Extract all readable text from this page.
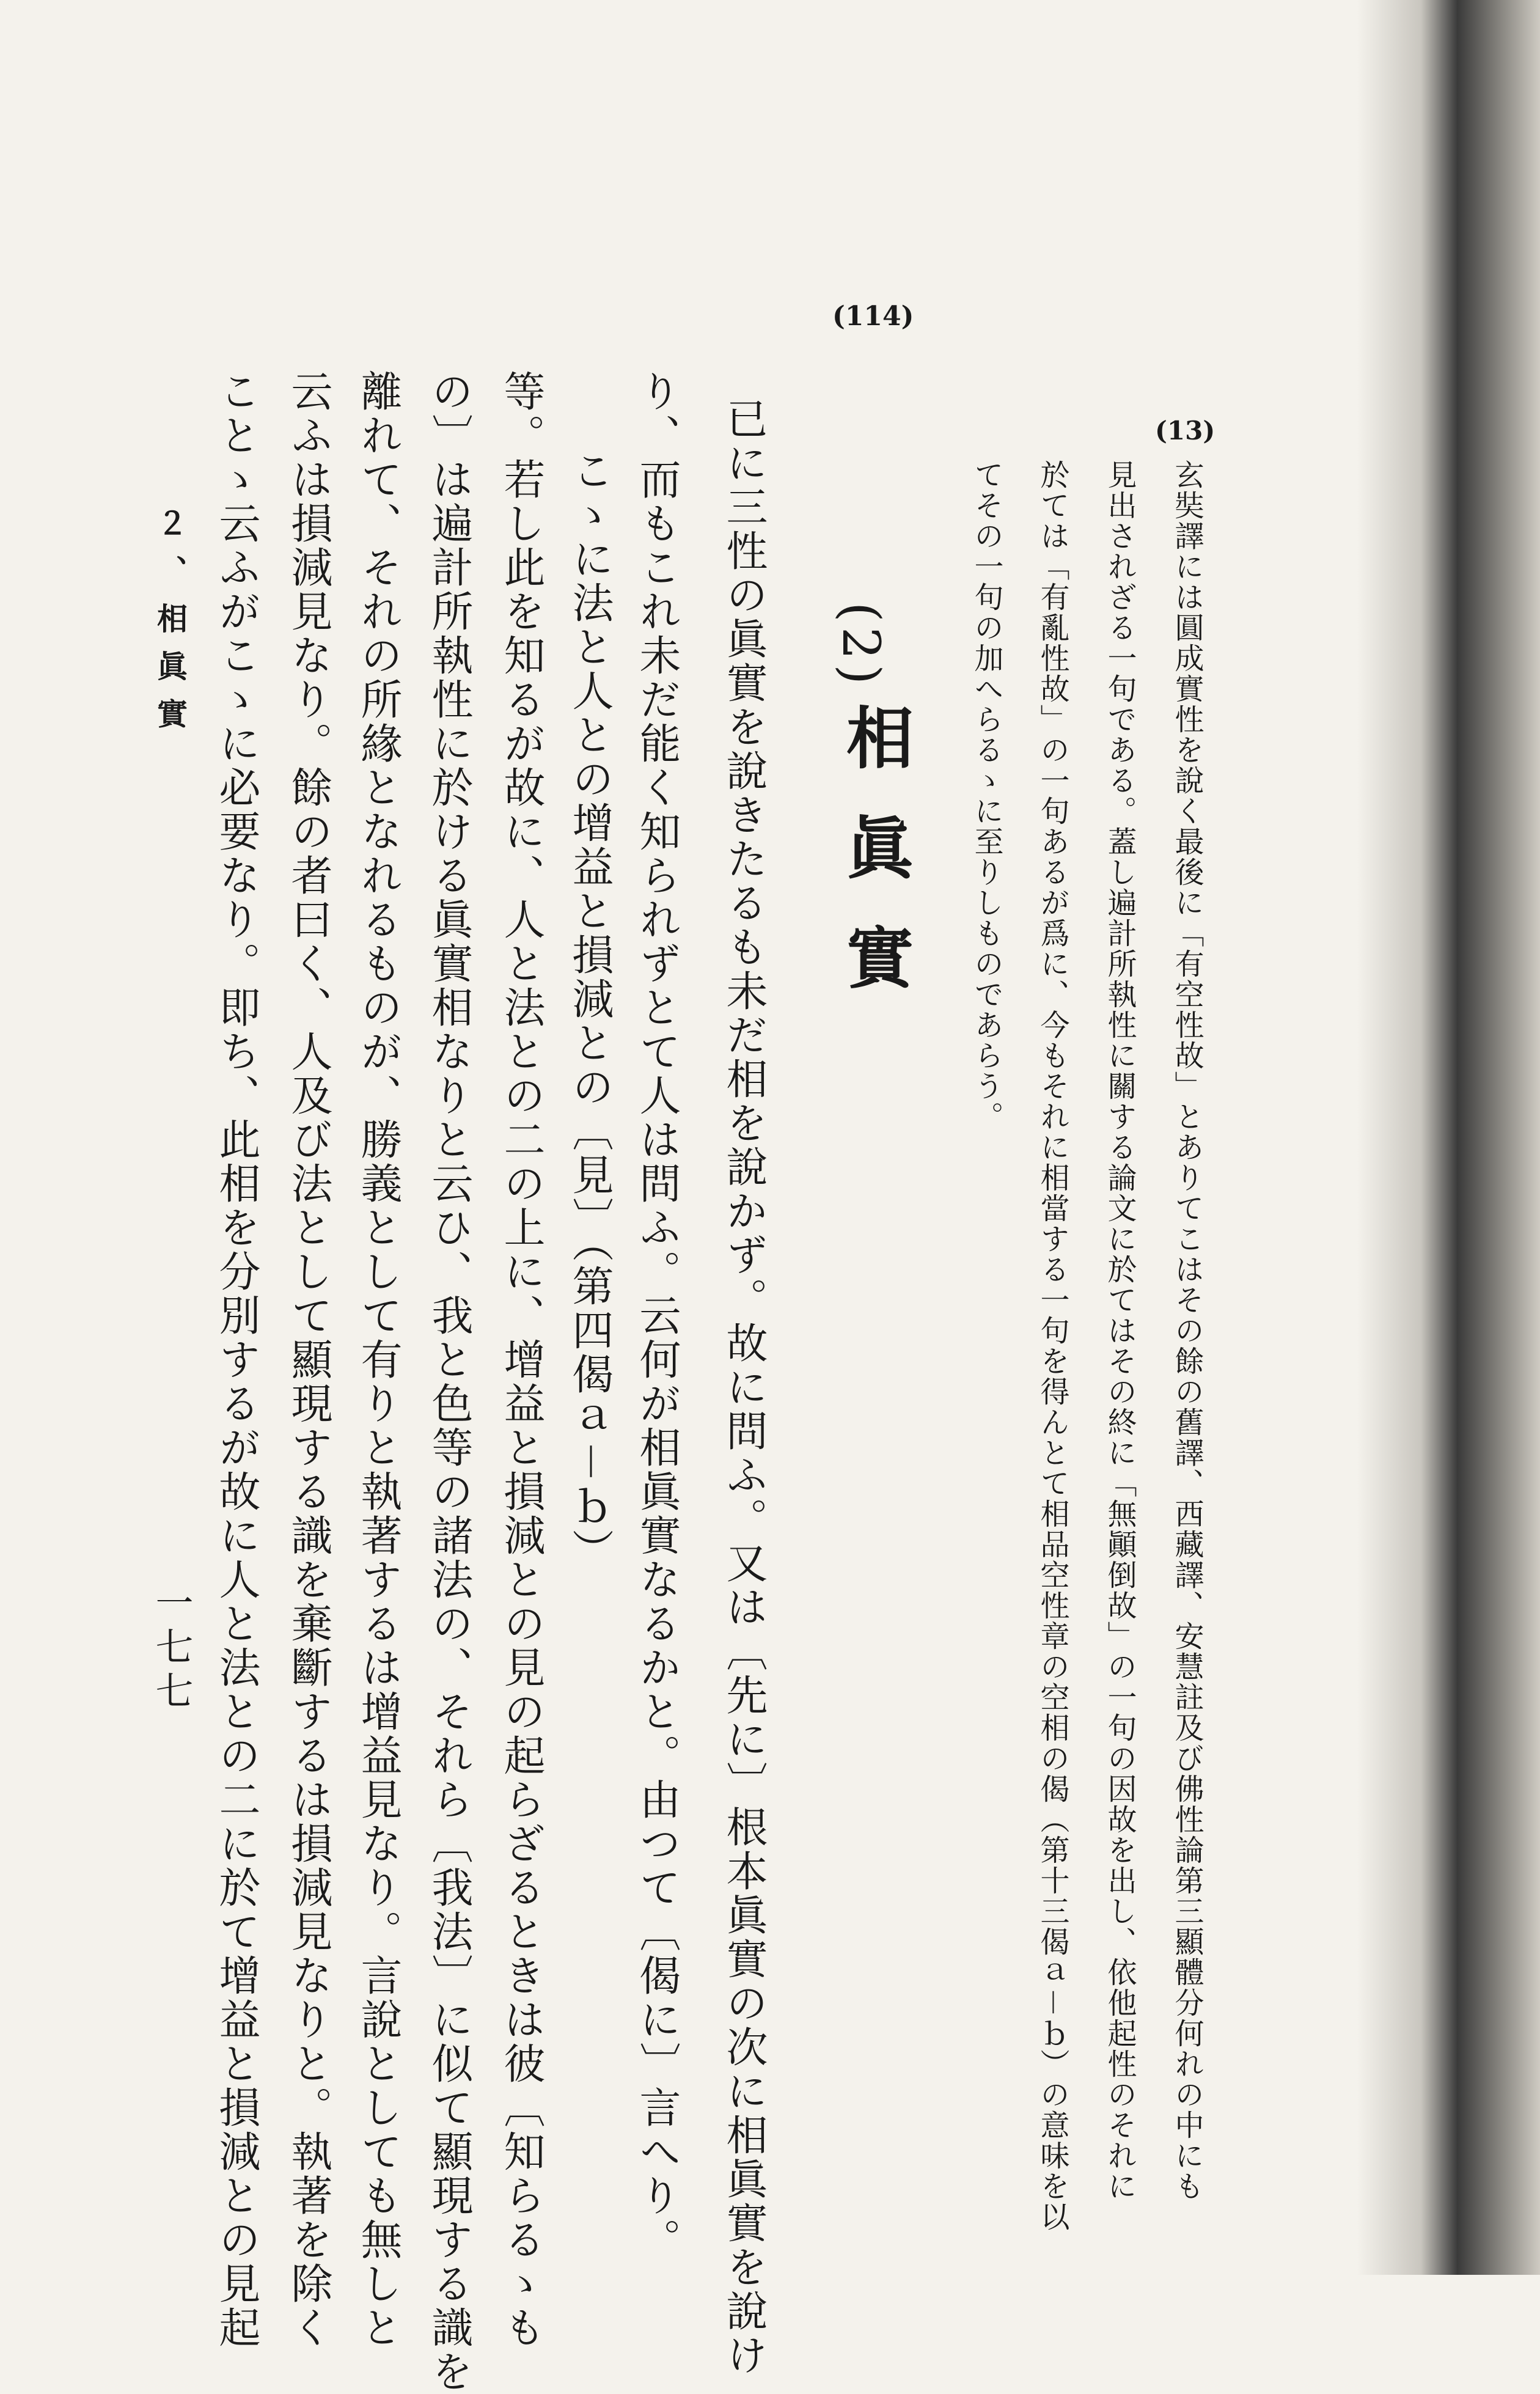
(114)
(13)
玄奘譯には圓成實性を說く最後に「有空性故」とありてこはその餘の舊譯、西藏譯、安慧註及び佛性論第三顯體分何れの中にも
見出されざる一句である。蓋し遍計所執性に關する論文に於てはその終に「無顚倒故」の一句の因故を出し、依他起性のそれに
於ては「有亂性故」の一句あるが爲に、今もそれに相當する一句を得んとて相品空性章の空相の偈（第十三偈ａ－ｂ）の意味を以
てその一句の加へらるゝに至りしものであらう。
(2)
相眞實
已に三性の眞實を說きたるも未だ相を說かず。故に問ふ。又は〔先に〕根本眞實の次に相眞實を說け
り、而もこれ未だ能く知られずとて人は問ふ。云何が相眞實なるかと。由つて〔偈に〕言へり。
こゝに法と人との增益と損減との〔見〕（第四偈ａ－ｂ）
等。若し此を知るが故に、人と法との二の上に、增益と損減との見の起らざるときは彼〔知らるゝも
の〕は遍計所執性に於ける眞實相なりと云ひ、我と色等の諸法の、それら〔我法〕に似て顯現する識を
離れて、それの所緣となれるものが、勝義として有りと執著するは增益見なり。言說としても無しと
云ふは損減見なり。餘の者曰く、人及び法として顯現する識を棄斷するは損減見なりと。執著を除く
ことゝ云ふがこゝに必要なり。即ち、此相を分別するが故に人と法との二に於て增益と損減との見起
２、相眞實
一七七
